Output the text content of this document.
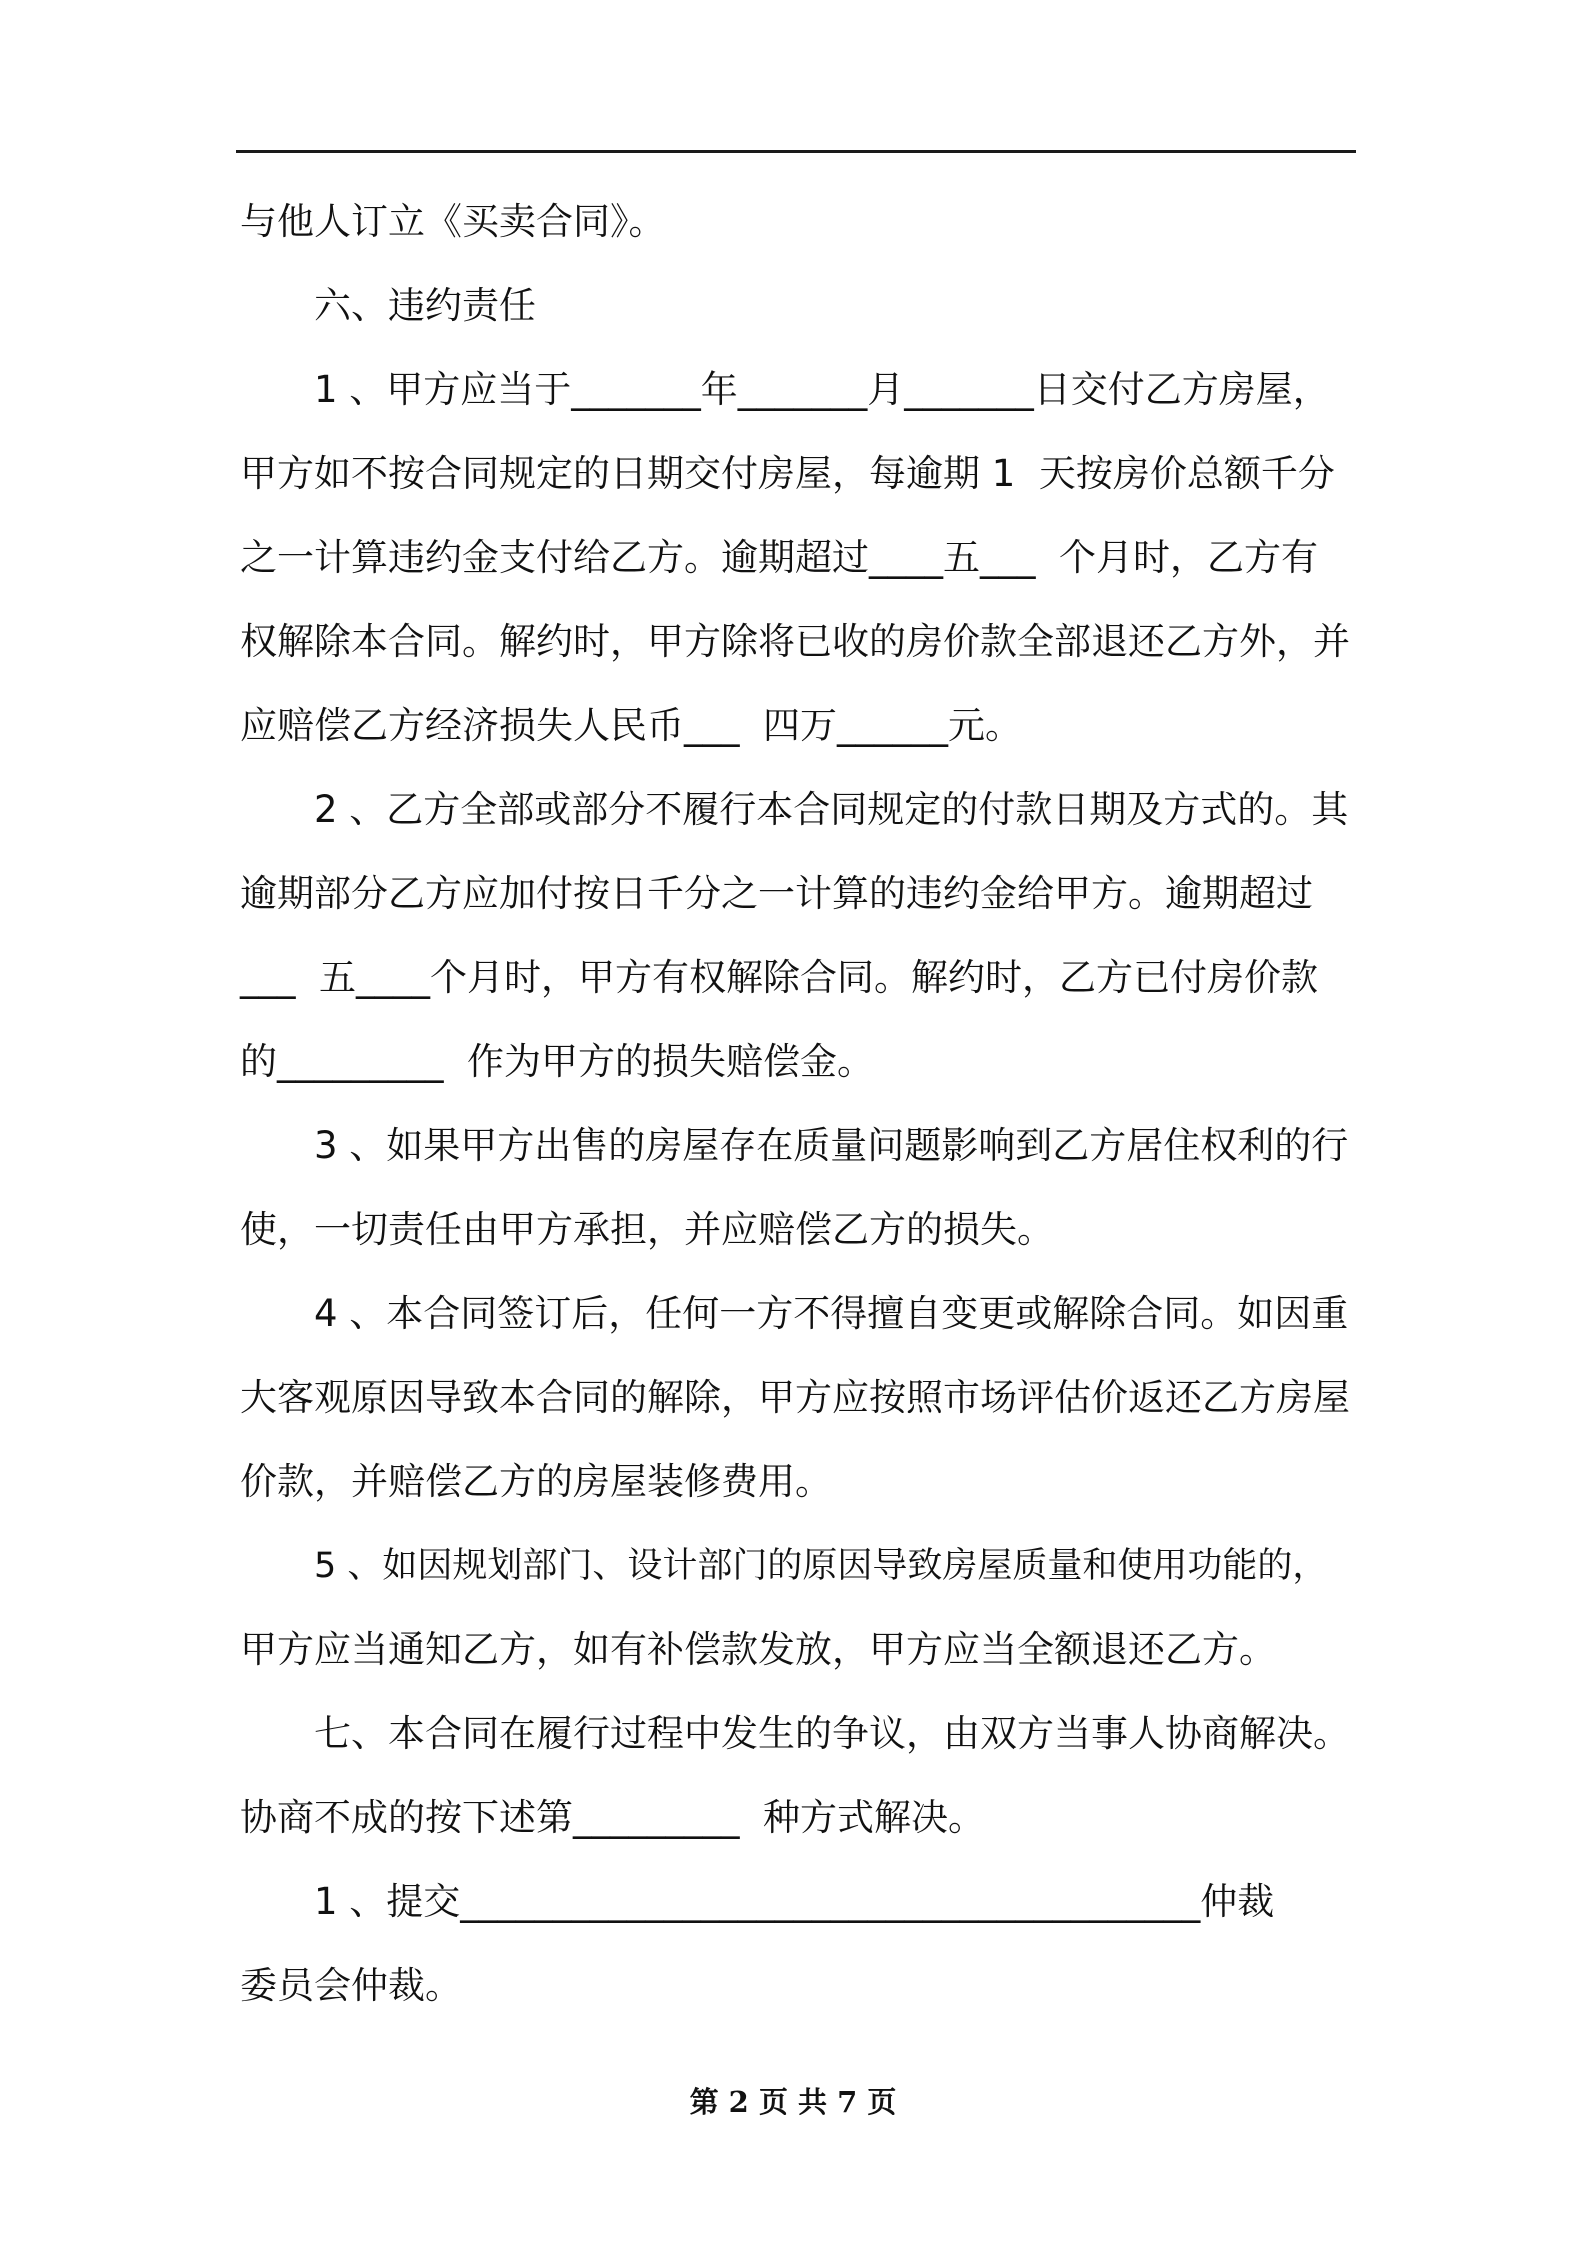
与他人订立《买卖合同》。
六、违约责任
1 、甲方应当于_______年_______月_______日交付乙方房屋，
甲方如不按合同规定的日期交付房屋，每逾期 1  天按房价总额千分
之一计算违约金支付给乙方。逾期超过____五___  个月时，乙方有
权解除本合同。解约时，甲方除将已收的房价款全部退还乙方外，并
应赔偿乙方经济损失人民币___  四万______元。
2 、乙方全部或部分不履行本合同规定的付款日期及方式的。其
逾期部分乙方应加付按日千分之一计算的违约金给甲方。逾期超过
___  五____个月时，甲方有权解除合同。解约时，乙方已付房价款
的_________  作为甲方的损失赔偿金。
3 、如果甲方出售的房屋存在质量问题影响到乙方居住权利的行
使，一切责任由甲方承担，并应赔偿乙方的损失。
4 、本合同签订后，任何一方不得擅自变更或解除合同。如因重
大客观原因导致本合同的解除，甲方应按照市场评估价返还乙方房屋
价款，并赔偿乙方的房屋装修费用。
5 、如因规划部门、设计部门的原因导致房屋质量和使用功能的，
甲方应当通知乙方，如有补偿款发放，甲方应当全额退还乙方。
七、本合同在履行过程中发生的争议，由双方当事人协商解决。
协商不成的按下述第_________  种方式解决。
1 、提交________________________________________仲裁
委员会仲裁。
第 2 页 共 7 页
